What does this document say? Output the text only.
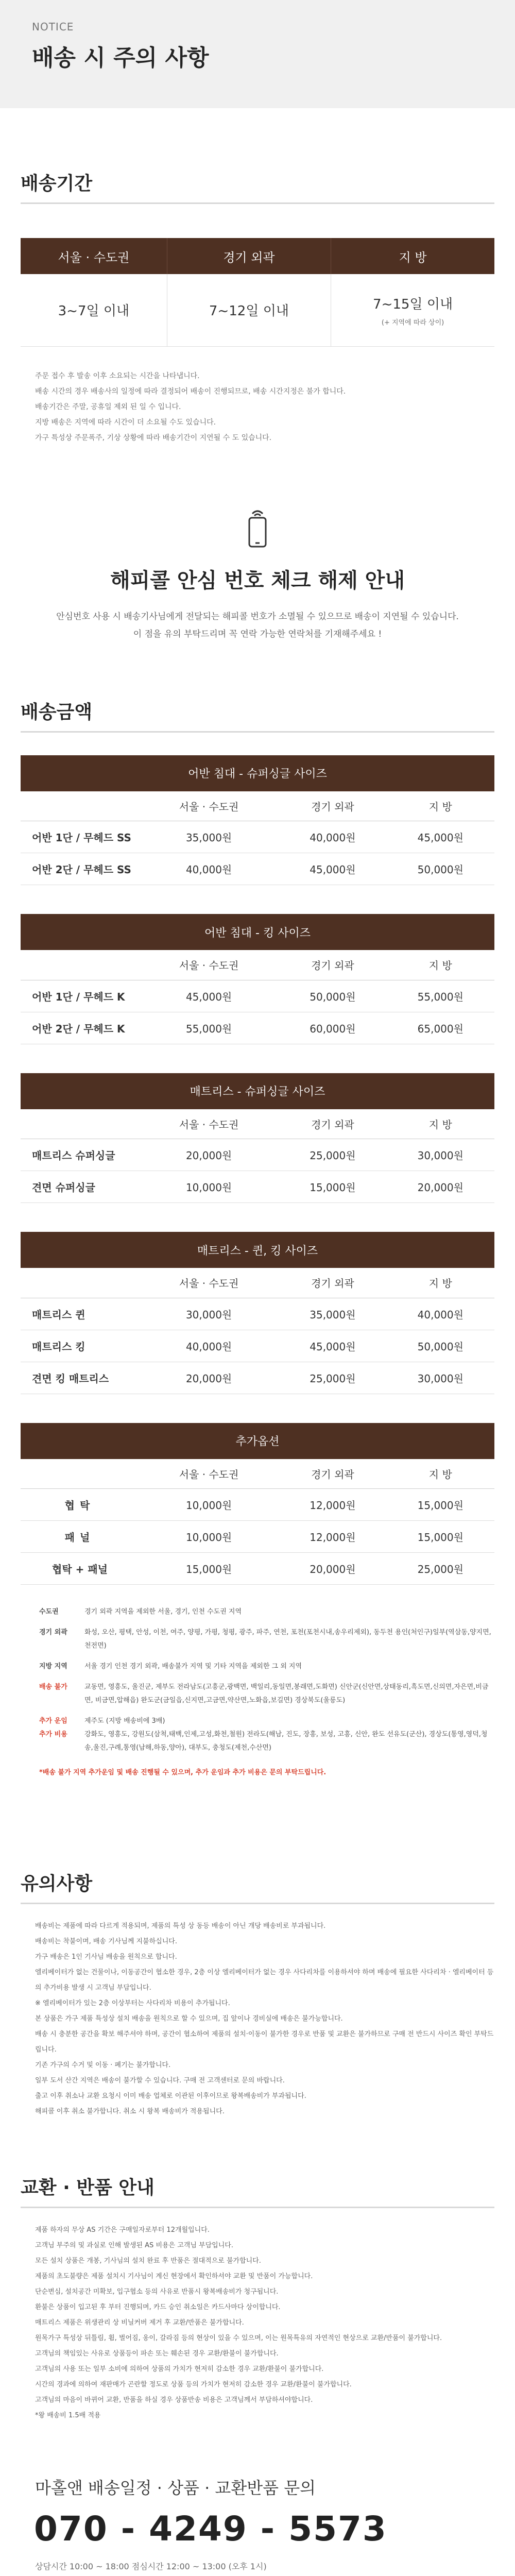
NOTICE
배송 시 주의 사항
배송기간
서울 · 수도권	경기 외곽	지 방
3~7일 이내	7~12일 이내	7~15일 이내
(+ 지역에 따라 상이)
주문 접수 후 발송 이후 소요되는 시간을 나타냅니다.
배송 시간의 경우 배송사의 일정에 따라 결정되어 배송이 진행되므로, 배송 시간지정은 불가 합니다.
배송기간은 주말, 공휴일 제외 된 일 수 입니다.
지방 배송은 지역에 따라 시간이 더 소요될 수도 있습니다.
가구 특성상 주문폭주, 기상 상황에 따라 배송기간이 지연될 수 도 있습니다.
해피콜 안심 번호 체크 해제 안내
안심번호 사용 시 배송기사님에게 전달되는 해피콜 번호가 소멸될 수 있으므로 배송이 지연될 수 있습니다.
이 점을 유의 부탁드리며 꼭 연락 가능한 연락처를 기재해주세요 !
배송금액
어반 침대 - 슈퍼싱글 사이즈			
	서울 · 수도권	경기 외곽	지 방
어반 1단 / 무헤드 SS	35,000원	40,000원	45,000원
어반 2단 / 무헤드 SS	40,000원	45,000원	50,000원
어반 침대 - 킹 사이즈			
	서울 · 수도권	경기 외곽	지 방
어반 1단 / 무헤드 K	45,000원	50,000원	55,000원
어반 2단 / 무헤드 K	55,000원	60,000원	65,000원
매트리스 - 슈퍼싱글 사이즈			
	서울 · 수도권	경기 외곽	지 방
매트리스 슈퍼싱글	20,000원	25,000원	30,000원
견면 슈퍼싱글	10,000원	15,000원	20,000원
매트리스 - 퀸, 킹 사이즈			
	서울 · 수도권	경기 외곽	지 방
매트리스 퀸	30,000원	35,000원	40,000원
매트리스 킹	40,000원	45,000원	50,000원
견면 킹 매트리스	20,000원	25,000원	30,000원
추가옵션			
	서울 · 수도권	경기 외곽	지 방
협탁	10,000원	12,000원	15,000원
패널	10,000원	12,000원	15,000원
협탁 + 패널	15,000원	20,000원	25,000원
수도권	경기 외곽 지역을 제외한 서울, 경기, 인천 수도권 지역
경기 외곽	화성, 오산, 평택, 안성, 이천, 여주, 양평, 가평, 청평, 광주, 파주, 연천, 포천(포천시내,송우리제외), 동두천 용인(처인구)일부(역삼동,양지면,천전면)
지방 지역	서울 경기 인천 경기 외곽, 배송불가 지역 및 기타 지역을 제외한 그 외 지역
배송 불가	교동면, 영흥도, 울진군, 제부도 전라남도(고흥군,광백면, 백일리,동일면,봉래면,도화면) 신안군(신안면,상태동리,흑도면,신의면,자은면,비금면, 비금면,압해읍) 완도군(금일읍,신지면,고금면,약산면,노화읍,보길면) 경상북도(울릉도)
추가 운임	제주도 (지방 배송비에 3배)
추가 비용	강화도, 영흥도, 강원도(삼척,태백,인제,고성,화천,철원) 전라도(해남, 진도, 장흥, 보성, 고흥, 신안, 완도 선유도(군산), 경상도(통영,영덕,청송,울진,구례,통영(남해,하동,양아), 대부도, 충청도(제천,수산면)
*배송 불가 지역 추가운임 및 배송 진행될 수 있으며, 추가 운임과 추가 비용은 문의 부탁드립니다.
유의사항
배송비는 제품에 따라 다르게 적용되며, 제품의 특성 상 동등 배송이 아닌 개당 배송비로 부과됩니다.
배송비는 착불이며, 배송 기사님께 지불하십니다.
가구 배송은 1인 기사님 배송을 원칙으로 합니다.
엘리베이터가 없는 건물이나, 이동공간이 협소한 경우, 2층 이상 엘리베이터가 없는 경우 사다리차를 이용하셔야 하며 배송에 필요한 사다리차 · 엘리베이터 등의 추가비용 발생 시 고객님 부담입니다.
※ 엘리베이터가 있는 2층 이상부터는 사다리차 비용이 추가됩니다.
본 상품은 가구 제품 특성상 설치 배송을 원칙으로 할 수 있으며, 집 앞이나 경비실에 배송은 불가능합니다.
배송 시 충분한 공간을 확보 해주셔야 하며, 공간이 협소하여 제품의 설치·이동이 불가한 경우로 반품 및 교환은 불가하므로 구매 전 반드시 사이즈 확인 부탁드립니다.
기존 가구의 수거 및 이동 · 폐기는 불가합니다.
일부 도서 산간 지역은 배송이 불가할 수 있습니다. 구매 전 고객센터로 문의 바랍니다.
출고 이후 취소나 교환 요청시 이미 배송 업체로 이관된 이후이므로 왕복배송비가 부과됩니다.
해피콜 이후 취소 불가합니다. 취소 시 왕복 배송비가 적용됩니다.
교환 · 반품 안내
제품 하자의 무상 AS 기간은 구매일자로부터 12개월입니다.
고객님 부주의 및 과실로 인해 발생된 AS 비용은 고객님 부담입니다.
모든 설치 상품은 개봉, 기사님의 설치 완료 후 반품은 절대적으로 불가합니다.
제품의 초도불량은 제품 설치시 기사님이 계신 현장에서 확인하셔야 교환 및 반품이 가능합니다.
단순변심, 설치공간 미확보, 입구협소 등의 사유로 반품시 왕복배송비가 청구됩니다.
환불은 상품이 입고된 후 부터 진행되며, 카드 승인 취소일은 카드사마다 상이합니다.
매트리스 제품은 위생관리 상 비닐커버 제거 후 교환/반품은 불가합니다.
원목가구 특성상 뒤틀림, 휨, 벌어짐, 옹이, 갈라짐 등의 현상이 있을 수 있으며, 이는 원목특유의 자연적인 현상으로 교환/반품이 불가합니다.
고객님의 책임있는 사유로 상품등이 파손 또는 훼손된 경우 교환/환불이 불가합니다.
고객님의 사용 또는 일부 소비에 의하여 상품의 가치가 현저히 감소한 경우 교환/환불이 불가합니다.
시간의 경과에 의하여 재판매가 곤란할 정도로 상품 등의 가치가 현저히 감소한 경우 교환/환불이 불가합니다.
고객님의 마음이 바뀌어 교환, 반품을 하실 경우 상품반송 비용은 고객님께서 부담하셔야합니다.
*왕 배송비 1.5배 적용
마홀앤 배송일정 · 상품 · 교환반품 문의
070 - 4249 - 5573
상담시간 10:00 ~ 18:00 점심시간 12:00 ~ 13:00 (오후 1시)
